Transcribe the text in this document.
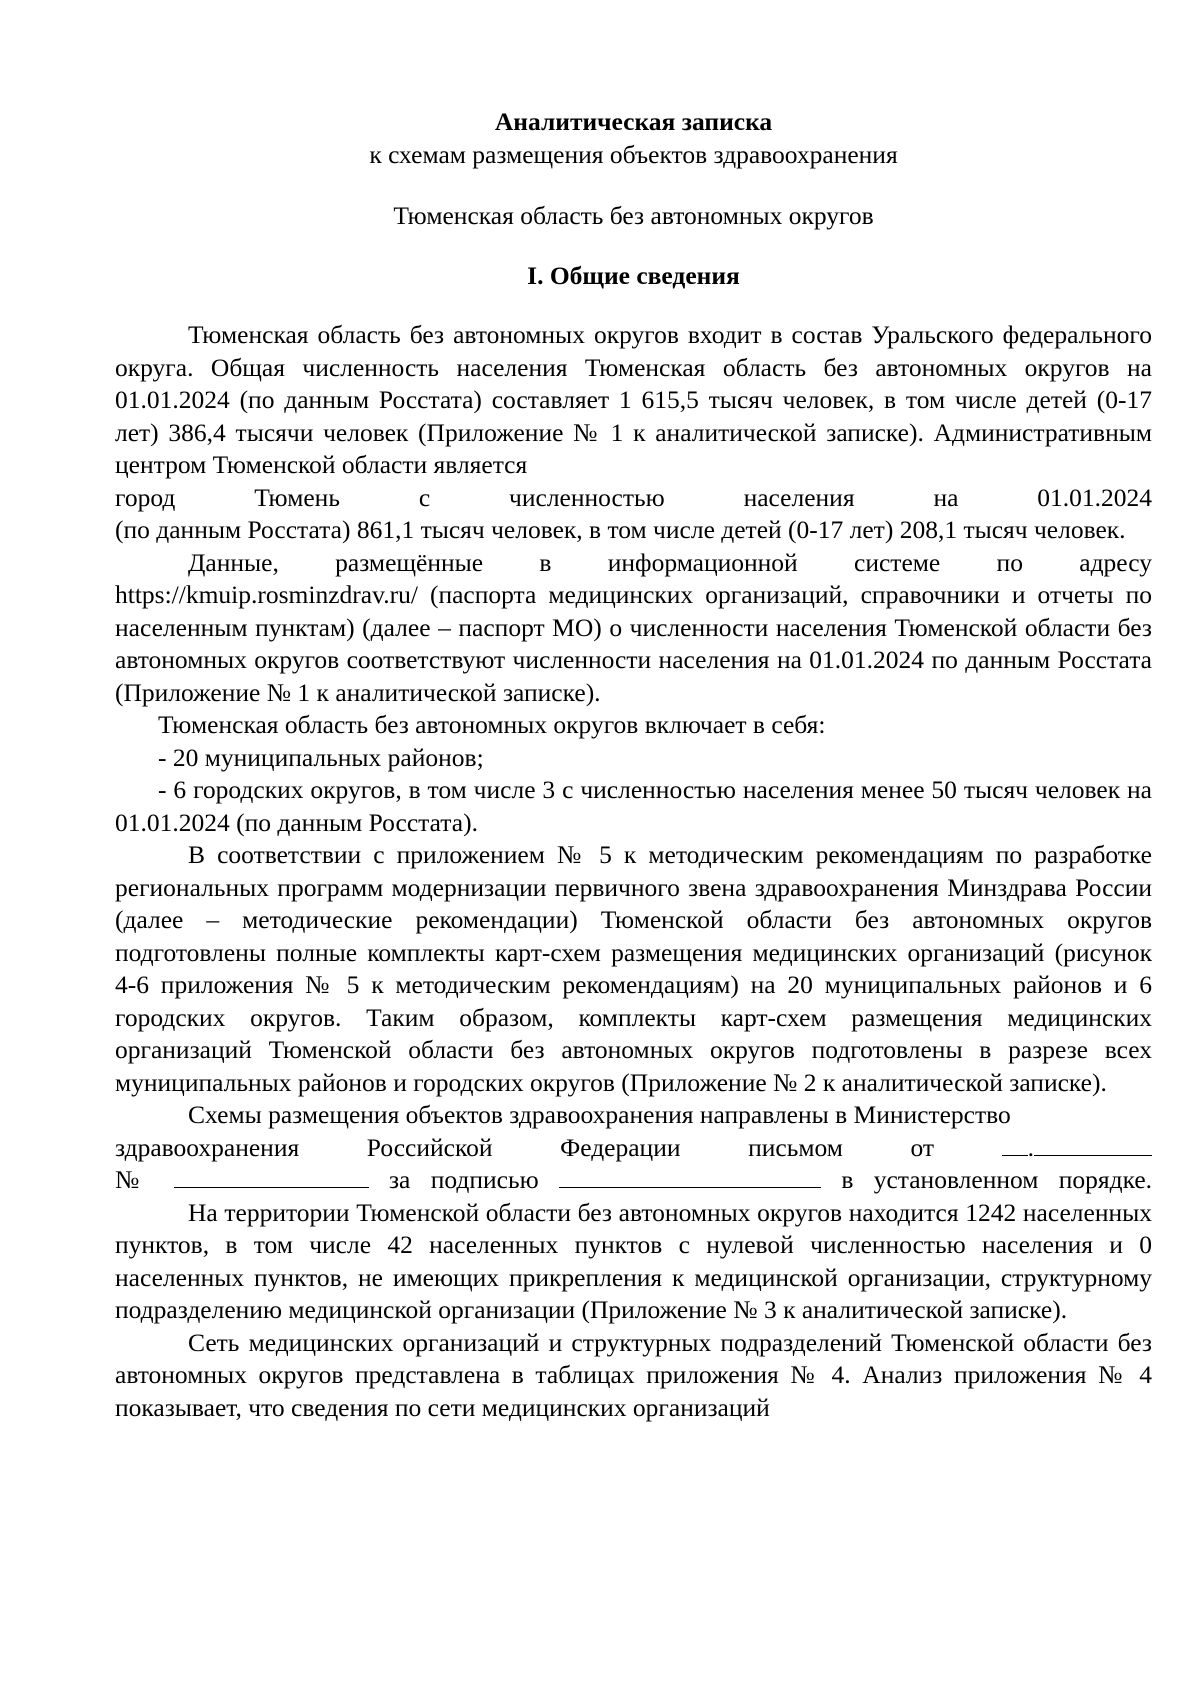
Аналитическая записка
к схемам размещения объектов здравоохранения
Тюменская область без автономных округов
I. Общие сведения

Тюменская область без автономных округов входит в состав Уральского федерального округа. Общая численность населения Тюменская область без автономных округов на 01.01.2024 (по данным Росстата) составляет 1 615,5 тысяч человек, в том числе детей (0-17 лет) 386,4 тысячи человек (Приложение № 1 к аналитической записке). Административным центром Тюменской области является

город	Тюмень	с	численностью	населения	на	01.01.2024

(по данным Росстата) 861,1 тысяч человек, в том числе детей (0-17 лет) 208,1 тысяч человек.

Данные, размещённые в информационной системе по адресу https://kmuip.rosminzdrav.ru/ (паспорта медицинских организаций, справочники и отчеты по населенным пунктам) (далее – паспорт МО) о численности населения Тюменской области без автономных округов соответствуют численности населения на 01.01.2024 по данным Росстата (Приложение № 1 к аналитической записке).

Тюменская область без автономных округов включает в себя:

- 20 муниципальных районов;

- 6 городских округов, в том числе 3 с численностью населения менее 50 тысяч человек на 01.01.2024 (по данным Росстата).

В соответствии с приложением № 5 к методическим рекомендациям по разработке региональных программ модернизации первичного звена здравоохранения Минздрава России (далее – методические рекомендации) Тюменской области без автономных округов подготовлены полные комплекты карт-схем размещения медицинских организаций (рисунок 4-6 приложения № 5 к методическим рекомендациям) на 20 муниципальных районов и 6 городских округов. Таким образом, комплекты карт-схем размещения медицинских организаций Тюменской области без автономных округов подготовлены в разрезе всех муниципальных районов и городских округов (Приложение № 2 к аналитической записке).

Схемы размещения объектов здравоохранения направлены в Министерство

здравоохранения	Российской	Федерации	письмом	от	.

№	за подписью	в установленном порядке.

На территории Тюменской области без автономных округов находится 1242 населенных пунктов, в том числе 42 населенных пунктов с нулевой численностью населения и 0 населенных пунктов, не имеющих прикрепления к медицинской организации, структурному подразделению медицинской организации (Приложение № 3 к аналитической записке).

Сеть медицинских организаций и структурных подразделений Тюменской области без автономных округов представлена в таблицах приложения № 4. Анализ приложения № 4 показывает, что сведения по сети медицинских организаций
